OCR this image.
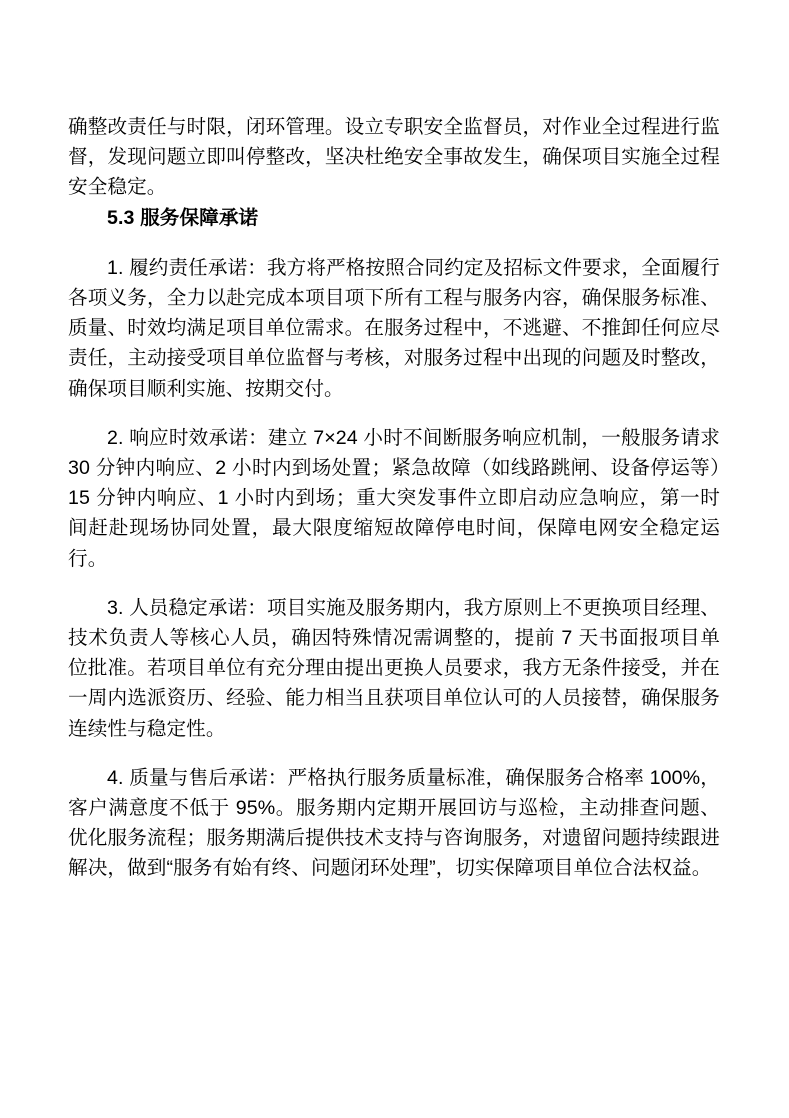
确整改责任与时限，闭环管理。设立专职安全监督员，对作业全过程进行监督，发现问题立即叫停整改，坚决杜绝安全事故发生，确保项目实施全过程安全稳定。

5.3 服务保障承诺

1. 履约责任承诺：我方将严格按照合同约定及招标文件要求，全面履行各项义务，全力以赴完成本项目项下所有工程与服务内容，确保服务标准、质量、时效均满足项目单位需求。在服务过程中，不逃避、不推卸任何应尽责任，主动接受项目单位监督与考核，对服务过程中出现的问题及时整改，确保项目顺利实施、按期交付。

2. 响应时效承诺：建立 7×24 小时不间断服务响应机制，一般服务请求 30 分钟内响应、2 小时内到场处置；紧急故障（如线路跳闸、设备停运等）15 分钟内响应、1 小时内到场；重大突发事件立即启动应急响应，第一时间赶赴现场协同处置，最大限度缩短故障停电时间，保障电网安全稳定运行。

3. 人员稳定承诺：项目实施及服务期内，我方原则上不更换项目经理、技术负责人等核心人员，确因特殊情况需调整的，提前 7 天书面报项目单位批准。若项目单位有充分理由提出更换人员要求，我方无条件接受，并在一周内选派资历、经验、能力相当且获项目单位认可的人员接替，确保服务连续性与稳定性。

4. 质量与售后承诺：严格执行服务质量标准，确保服务合格率 100%，客户满意度不低于 95%。服务期内定期开展回访与巡检，主动排查问题、优化服务流程；服务期满后提供技术支持与咨询服务，对遗留问题持续跟进解决，做到“服务有始有终、问题闭环处理”，切实保障项目单位合法权益。
